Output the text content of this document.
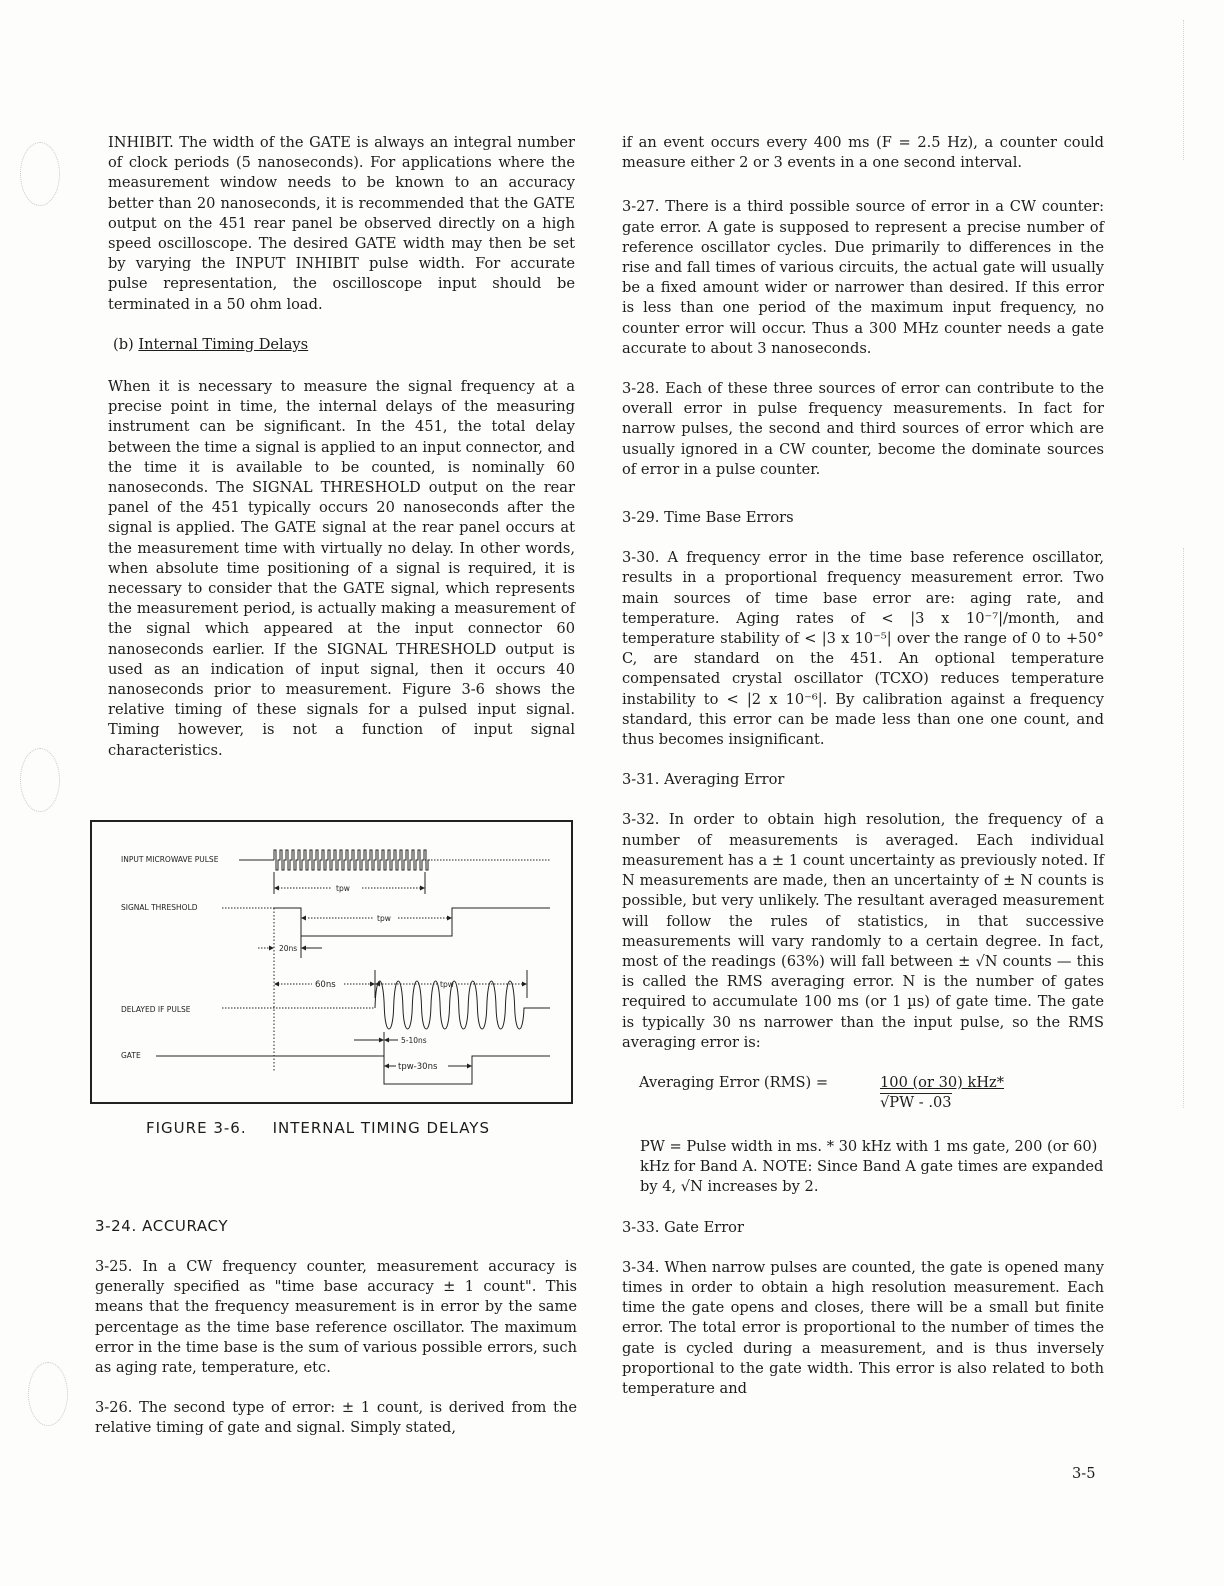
INHIBIT. The width of the GATE is always an integral number of clock periods (5 nanoseconds). For applications where the measurement window needs to be known to an accuracy better than 20 nanoseconds, it is recommended that the GATE output on the 451 rear panel be observed directly on a high speed oscilloscope. The desired GATE width may then be set by varying the INPUT INHIBIT pulse width. For accurate pulse representation, the oscilloscope input should be terminated in a 50 ohm load.

(b) Internal Timing Delays

When it is necessary to measure the signal frequency at a precise point in time, the internal delays of the measuring instrument can be significant. In the 451, the total delay between the time a signal is applied to an input connector, and the time it is available to be counted, is nominally 60 nanoseconds. The SIGNAL THRESHOLD output on the rear panel of the 451 typically occurs 20 nanoseconds after the signal is applied. The GATE signal at the rear panel occurs at the measurement time with virtually no delay. In other words, when absolute time positioning of a signal is required, it is necessary to consider that the GATE signal, which represents the measurement period, is actually making a measurement of the signal which appeared at the input connector 60 nanoseconds earlier. If the SIGNAL THRESHOLD output is used as an indication of input signal, then it occurs 40 nanoseconds prior to measurement. Figure 3-6 shows the relative timing of these signals for a pulsed input signal. Timing however, is not a function of input signal characteristics.

INPUT MICROWAVE PULSE
SIGNAL THRESHOLD
DELAYED IF PULSE
GATE
tpw
tpw
20ns
60ns	tpw
5-10ns
tpw-30ns
FIGURE 3-6. INTERNAL TIMING DELAYS
3-24. ACCURACY

3-25. In a CW frequency counter, measurement accuracy is generally specified as "time base accuracy ± 1 count". This means that the frequency measurement is in error by the same percentage as the time base reference oscillator. The maximum error in the time base is the sum of various possible errors, such as aging rate, temperature, etc.

3-26. The second type of error: ± 1 count, is derived from the relative timing of gate and signal. Simply stated,

if an event occurs every 400 ms (F = 2.5 Hz), a counter could measure either 2 or 3 events in a one second interval.

3-27. There is a third possible source of error in a CW counter: gate error. A gate is supposed to represent a precise number of reference oscillator cycles. Due primarily to differences in the rise and fall times of various circuits, the actual gate will usually be a fixed amount wider or narrower than desired. If this error is less than one period of the maximum input frequency, no counter error will occur. Thus a 300 MHz counter needs a gate accurate to about 3 nanoseconds.

3-28. Each of these three sources of error can contribute to the overall error in pulse frequency measurements. In fact for narrow pulses, the second and third sources of error which are usually ignored in a CW counter, become the dominate sources of error in a pulse counter.

3-29. Time Base Errors

3-30. A frequency error in the time base reference oscillator, results in a proportional frequency measurement error. Two main sources of time base error are: aging rate, and temperature. Aging rates of < |3 x 10⁻⁷|/month, and temperature stability of < |3 x 10⁻⁵| over the range of 0 to +50° C, are standard on the 451. An optional temperature compensated crystal oscillator (TCXO) reduces temperature instability to < |2 x 10⁻⁶|. By calibration against a frequency standard, this error can be made less than one one count, and thus becomes insignificant.

3-31. Averaging Error

3-32. In order to obtain high resolution, the frequency of a number of measurements is averaged. Each individual measurement has a ± 1 count uncertainty as previously noted. If N measurements are made, then an uncertainty of ± N counts is possible, but very unlikely. The resultant averaged measurement will follow the rules of statistics, in that successive measurements will vary randomly to a certain degree. In fact, most of the readings (63%) will fall between ± √N counts — this is called the RMS averaging error. N is the number of gates required to accumulate 100 ms (or 1 µs) of gate time. The gate is typically 30 ns narrower than the input pulse, so the RMS averaging error is:

Averaging Error (RMS) =	100 (or 30) kHz*
√PW - .03

PW = Pulse width in ms. * 30 kHz with 1 ms gate, 200 (or 60) kHz for Band A. NOTE: Since Band A gate times are expanded by 4, √N increases by 2.

3-33. Gate Error

3-34. When narrow pulses are counted, the gate is opened many times in order to obtain a high resolution measurement. Each time the gate opens and closes, there will be a small but finite error. The total error is proportional to the number of times the gate is cycled during a measurement, and is thus inversely proportional to the gate width. This error is also related to both temperature and

3-5
